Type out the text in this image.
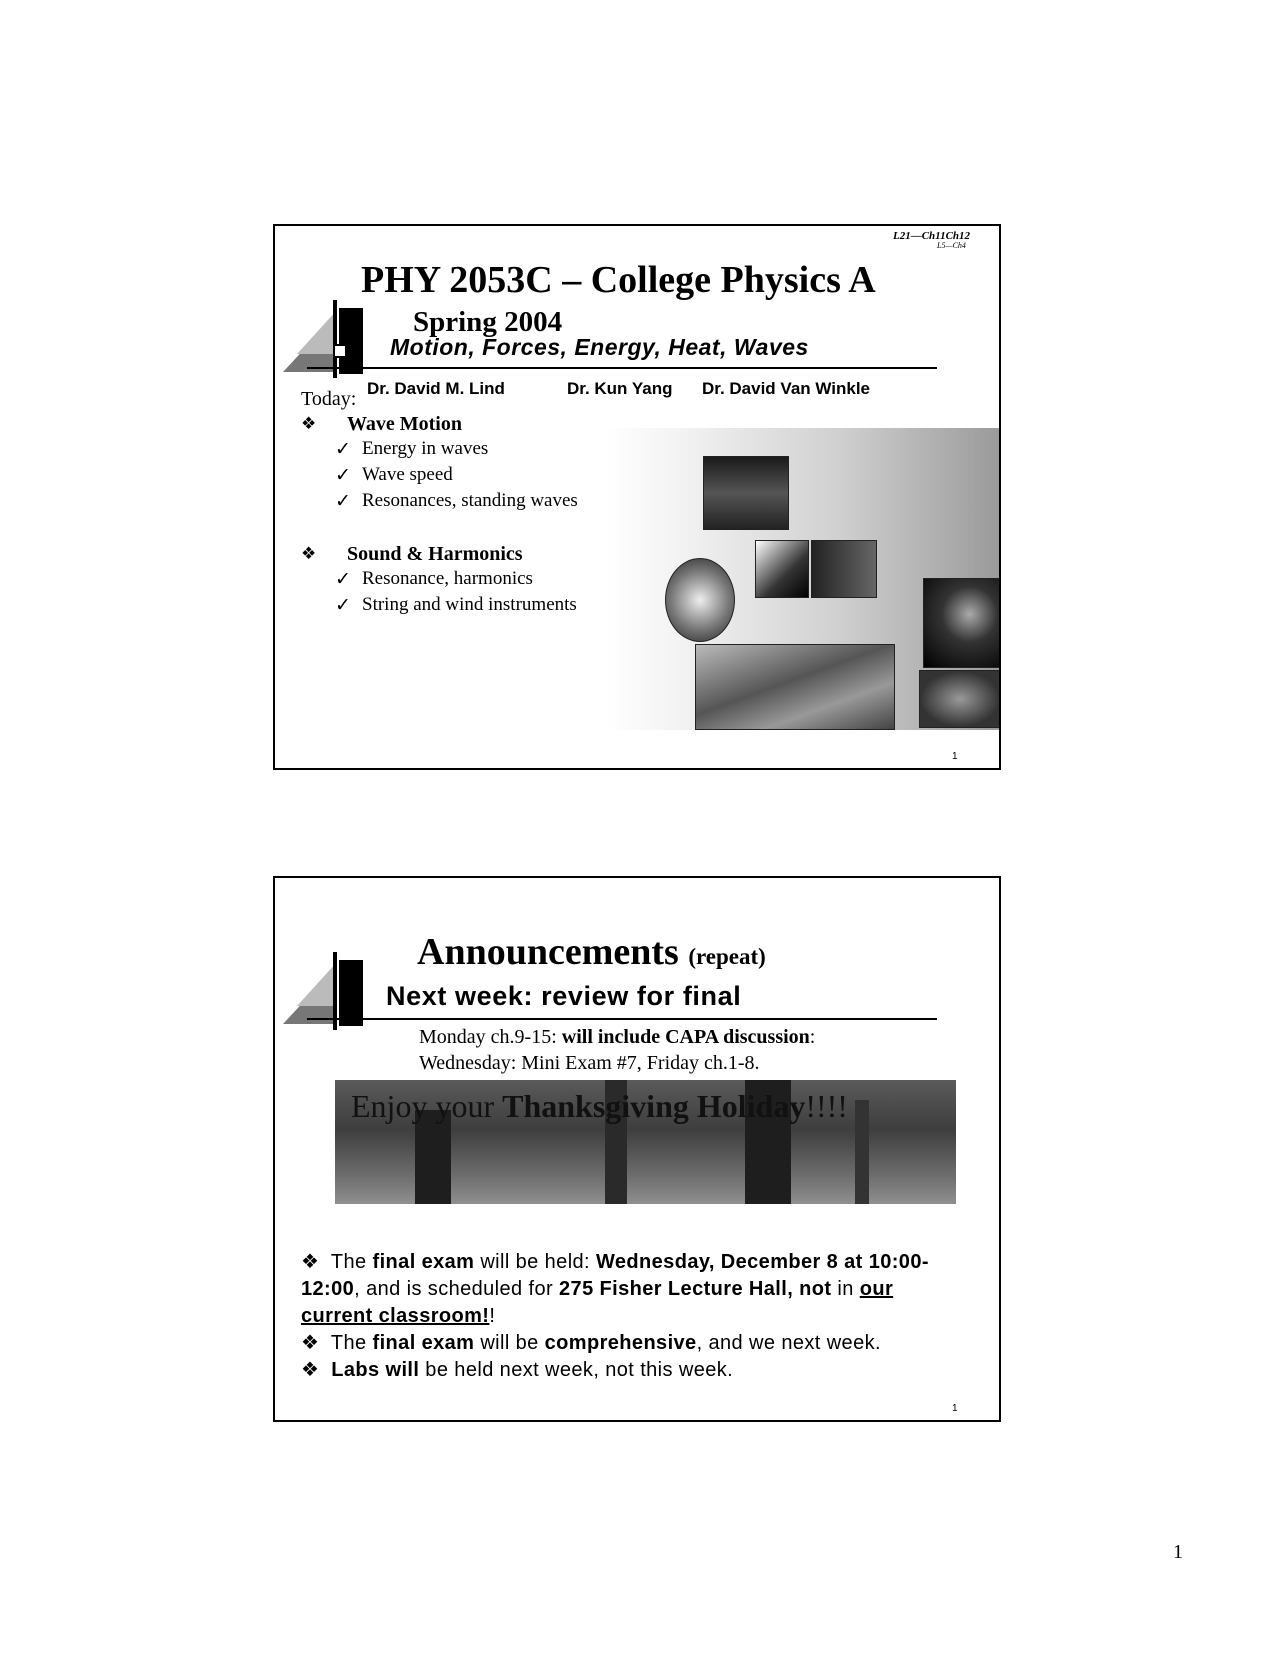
L21—Ch11Ch12
L5—Ch4
PHY 2053C – College Physics A
Spring 2004
Motion, Forces, Energy, Heat, Waves
Dr. David M. Lind	Dr. Kun Yang Dr. David Van Winkle
Today:
❖ Wave Motion
✓ Energy in waves
✓ Wave speed
✓ Resonances, standing waves
❖ Sound & Harmonics
✓ Resonance, harmonics
✓ String and wind instruments
1
Announcements (repeat)
Next week: review for final
Monday ch.9-15: will include CAPA discussion:
Wednesday: Mini Exam #7, Friday ch.1-8.
Enjoy your Thanksgiving Holiday!!!!
❖ The final exam will be held: Wednesday, December 8 at 10:00-12:00, and is scheduled for 275 Fisher Lecture Hall, not in our current classroom!!
❖ The final exam will be comprehensive, and we next week.
❖ Labs will be held next week, not this week.
1
1
